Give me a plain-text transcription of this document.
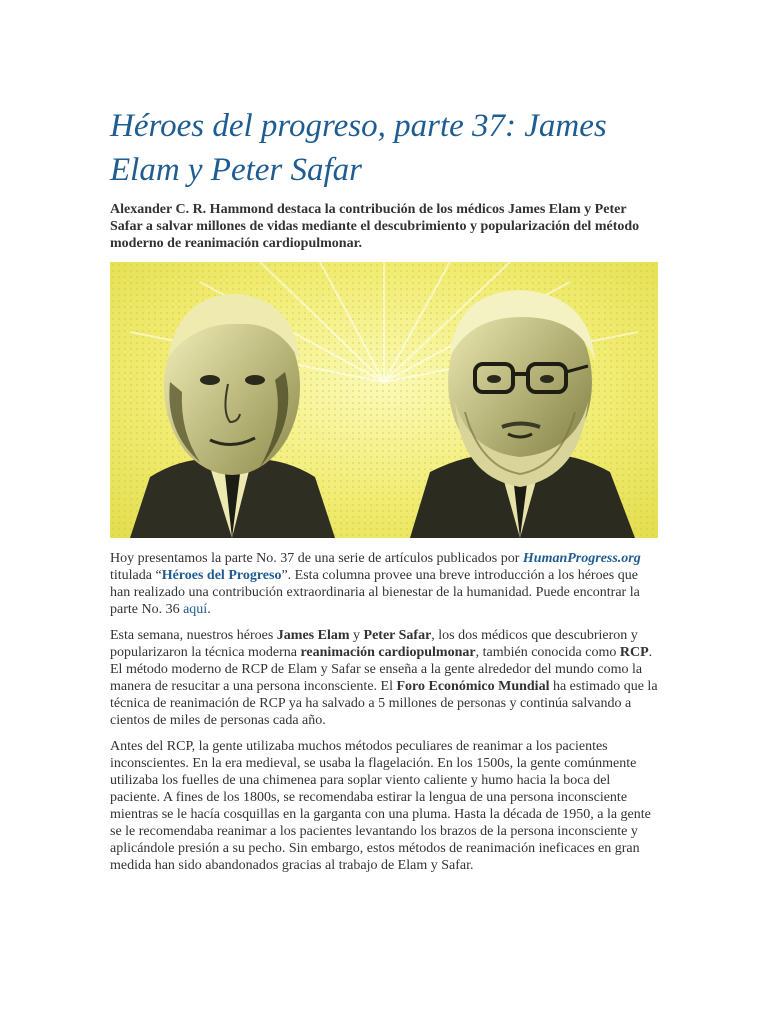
Héroes del progreso, parte 37: James Elam y Peter Safar

Alexander C. R. Hammond destaca la contribución de los médicos James Elam y Peter Safar a salvar millones de vidas mediante el descubrimiento y popularización del método moderno de reanimación cardiopulmonar.

Hoy presentamos la parte No. 37 de una serie de artículos publicados por HumanProgress.org titulada “Héroes del Progreso”. Esta columna provee una breve introducción a los héroes que han realizado una contribución extraordinaria al bienestar de la humanidad. Puede encontrar la parte No. 36 aquí.

Esta semana, nuestros héroes James Elam y Peter Safar, los dos médicos que descubrieron y popularizaron la técnica moderna reanimación cardiopulmonar, también conocida como RCP. El método moderno de RCP de Elam y Safar se enseña a la gente alrededor del mundo como la manera de resucitar a una persona inconsciente. El Foro Económico Mundial ha estimado que la técnica de reanimación de RCP ya ha salvado a 5 millones de personas y continúa salvando a cientos de miles de personas cada año.

Antes del RCP, la gente utilizaba muchos métodos peculiares de reanimar a los pacientes inconscientes. En la era medieval, se usaba la flagelación. En los 1500s, la gente comúnmente utilizaba los fuelles de una chimenea para soplar viento caliente y humo hacia la boca del paciente. A fines de los 1800s, se recomendaba estirar la lengua de una persona inconsciente mientras se le hacía cosquillas en la garganta con una pluma. Hasta la década de 1950, a la gente se le recomendaba reanimar a los pacientes levantando los brazos de la persona inconsciente y aplicándole presión a su pecho. Sin embargo, estos métodos de reanimación ineficaces en gran medida han sido abandonados gracias al trabajo de Elam y Safar.
